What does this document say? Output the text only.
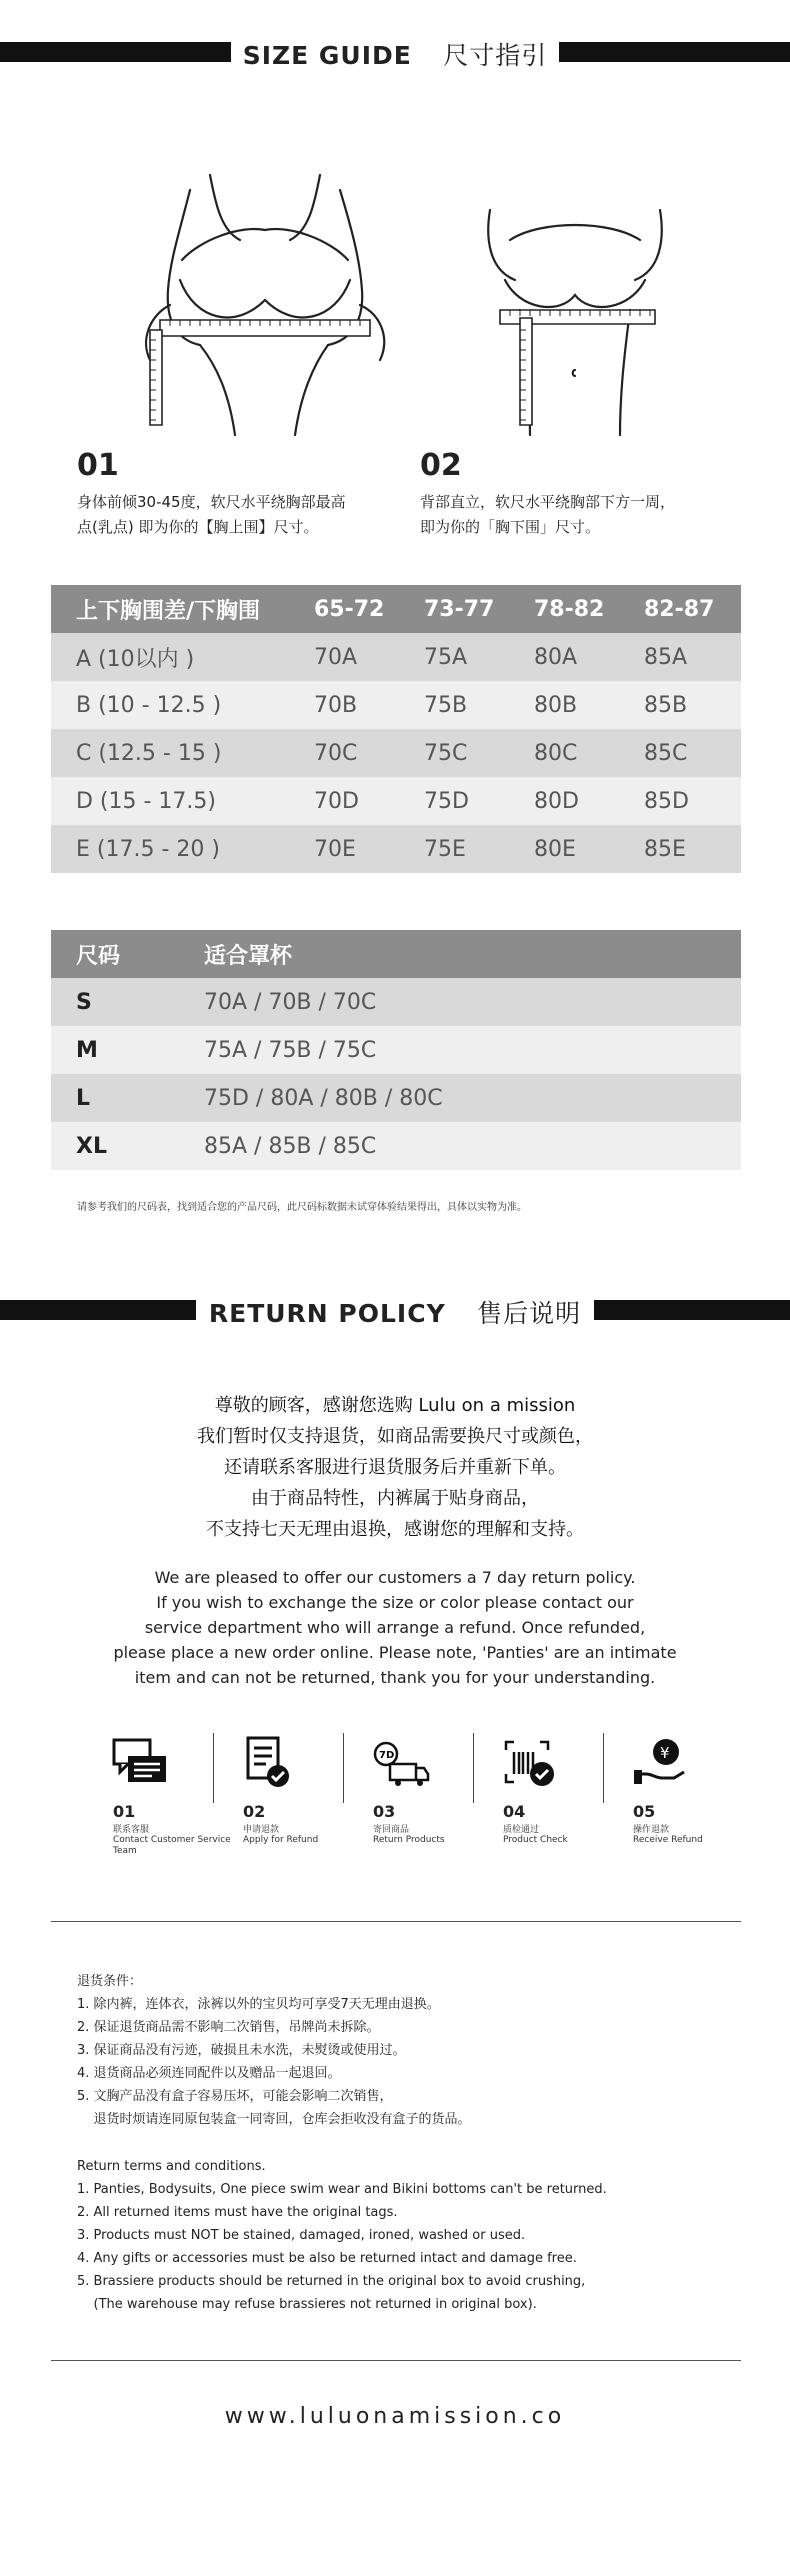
SIZE GUIDE 尺寸指引
01
身体前倾30-45度，软尺水平绕胸部最高
点(乳点) 即为你的【胸上围】尺寸。
02
背部直立，软尺水平绕胸部下方一周，
即为你的「胸下围」尺寸。
上下胸围差/下胸围	65-72	73-77	78-82	82-87
A (10以内 )	70A	75A	80A	85A
B (10 - 12.5 )	70B	75B	80B	85B
C (12.5 - 15 )	70C	75C	80C	85C
D (15 - 17.5)	70D	75D	80D	85D
E (17.5 - 20 )	70E	75E	80E	85E
尺码	适合罩杯
S	70A / 70B / 70C
M	75A / 75B / 75C
L	75D / 80A / 80B / 80C
XL	85A / 85B / 85C
请参考我们的尺码表，找到适合您的产品尺码，此尺码标数据未试穿体验结果得出，具体以实物为准。
RETURN POLICY 售后说明
尊敬的顾客，感谢您选购 Lulu on a mission
我们暂时仅支持退货，如商品需要换尺寸或颜色，
还请联系客服进行退货服务后并重新下单。
由于商品特性，内裤属于贴身商品，
不支持七天无理由退换，感谢您的理解和支持。
We are pleased to offer our customers a 7 day return policy.
If you wish to exchange the size or color please contact our
service department who will arrange a refund. Once refunded,
please place a new order online. Please note, 'Panties' are an intimate
item and can not be returned, thank you for your understanding.
01
联系客服
Contact Customer Service Team
02
申请退款
Apply for Refund
7D
03
寄回商品
Return Products
04
质检通过
Product Check
¥
05
操作退款
Receive Refund
退货条件：
1. 除内裤，连体衣，泳裤以外的宝贝均可享受7天无理由退换。
2. 保证退货商品需不影响二次销售，吊牌尚未拆除。
3. 保证商品没有污迹，破损且未水洗，未熨烫或使用过。
4. 退货商品必须连同配件以及赠品一起退回。
5. 文胸产品没有盒子容易压坏，可能会影响二次销售，
退货时烦请连同原包装盒一同寄回，仓库会拒收没有盒子的货品。
Return terms and conditions.
1. Panties, Bodysuits, One piece swim wear and Bikini bottoms can't be returned.
2. All returned items must have the original tags.
3. Products must NOT be stained, damaged, ironed, washed or used.
4. Any gifts or accessories must be also be returned intact and damage free.
5. Brassiere products should be returned in the original box to avoid crushing,
(The warehouse may refuse brassieres not returned in original box).
www.luluonamission.co
